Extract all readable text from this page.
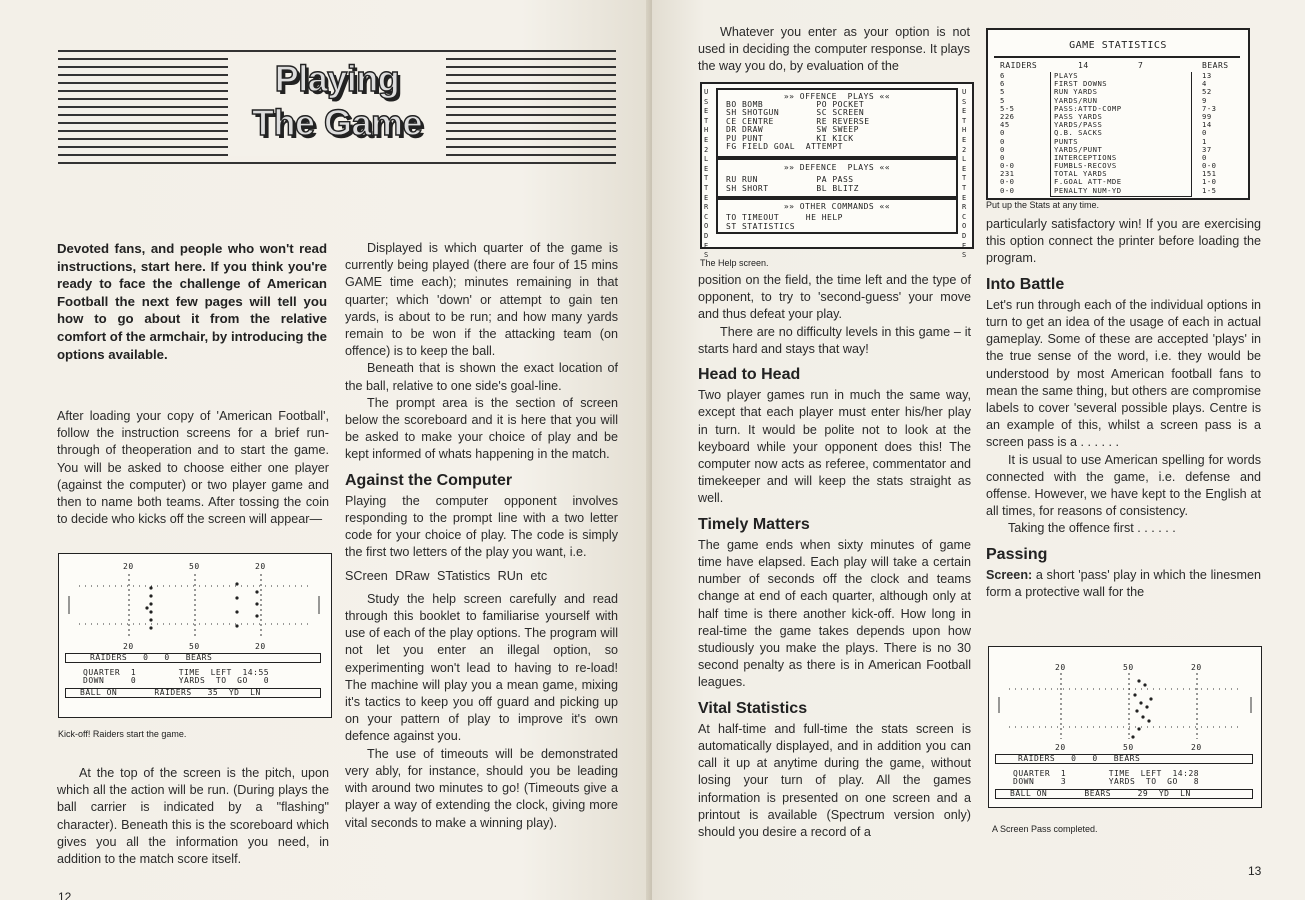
Playing
The Game
Devoted fans, and people who won't read instructions, start here. If you think you're ready to face the challenge of American Football the next few pages will tell you how to go about it from the relative comfort of the armchair, by introducing the options available.

After loading your copy of 'American Football', follow the instruction screens for a brief run-through of theoperation and to start the game. You will be asked to choose either one player (against the computer) or two player game and then to name both teams. After tossing the coin to decide who kicks off the screen will appear—

20	50	20
20	50	20
RAIDERS   0   0   BEARS
QUARTER  1        TIME  LEFT  14:55
DOWN     0        YARDS  TO  GO   0
BALL ON       RAIDERS   35  YD  LN
Kick-off! Raiders start the game.

At the top of the screen is the pitch, upon which all the action will be run. (During plays the ball carrier is indicated by a "flashing" character). Beneath this is the scoreboard which gives you all the information you need, in addition to the match score itself.

Displayed is which quarter of the game is currently being played (there are four of 15 mins GAME time each); minutes remaining in that quarter; which 'down' or attempt to gain ten yards, is about to be run; and how many yards remain to be won if the attacking team (on offence) is to keep the ball.

Beneath that is shown the exact location of the ball, relative to one side's goal-line.

The prompt area is the section of screen below the scoreboard and it is here that you will be asked to make your choice of play and be kept informed of whats happening in the match.

Against the Computer

Playing the computer opponent involves responding to the prompt line with a two letter code for your choice of play. The code is simply the first two letters of the play you want, i.e.

SCreen DRaw STatistics RUn etc

Study the help screen carefully and read through this booklet to familiarise yourself with use of each of the play options. The program will not let you enter an illegal option, so experimenting won't lead to having to re-load! The machine will play you a mean game, mixing it's tactics to keep you off guard and picking up on your pattern of play to improve it's own defence against you.

The use of timeouts will be demonstrated very ably, for instance, should you be leading with around two minutes to go! (Timeouts give a player a way of extending the clock, giving more vital seconds to make a winning play).

12

Whatever you enter as your option is not used in deciding the computer response. It plays the way you do, by evaluation of the

USE THE 2 LETTER CODES
USE THE 2 LETTER CODES
»» OFFENCE  PLAYS ««
BO BOMB          PO POCKET
SH SHOTGUN       SC SCREEN
CE CENTRE        RE REVERSE
DR DRAW          SW SWEEP
PU PUNT          KI KICK
FG FIELD GOAL  ATTEMPT
»» DEFENCE  PLAYS ««
RU RUN           PA PASS
SH SHORT         BL BLITZ
»» OTHER COMMANDS ««
TO TIMEOUT     HE HELP
ST STATISTICS
The Help screen.

position on the field, the time left and the type of opponent, to try to 'second-guess' your move and thus defeat your play.

There are no difficulty levels in this game – it starts hard and stays that way!

Head to Head

Two player games run in much the same way, except that each player must enter his/her play in turn. It would be polite not to look at the keyboard while your opponent does this! The computer now acts as referee, commentator and timekeeper and will keep the stats straight as well.

Timely Matters

The game ends when sixty minutes of game time have elapsed. Each play will take a certain number of seconds off the clock and teams change at end of each quarter, although only at half time is there another kick-off. How long in real-time the game takes depends upon how studiously you make the plays. There is no 30 second penalty as there is in American Football leagues.

Vital Statistics

At half-time and full-time the stats screen is automatically displayed, and in addition you can call it up at anytime during the game, without losing your turn of play. All the games information is presented on one screen and a printout is available (Spectrum version only) should you desire a record of a

GAME STATISTICS
RAIDERS	14	7	BEARS
6	PLAYS	13
6	FIRST DOWNS	4
5	RUN YARDS	52
5	YARDS/RUN	9
5-5	PASS:ATTD-COMP	7-3
226	PASS YARDS	99
45	YARDS/PASS	14
0	Q.B. SACKS	0
0	PUNTS	1
0	YARDS/PUNT	37
0	INTERCEPTIONS	0
0-0	FUMBLS-RECOVS	0-0
231	TOTAL YARDS	151
0-0	F.GOAL ATT-MDE	1-0
0-0	PENALTY NUM-YD	1-5
Put up the Stats at any time.

particularly satisfactory win! If you are exercising this option connect the printer before loading the program.

Into Battle

Let's run through each of the individual options in turn to get an idea of the usage of each in actual gameplay. Some of these are accepted 'plays' in the true sense of the word, i.e. they would be understood by most American football fans to mean the same thing, but others are compromise labels to cover 'several possible plays. Centre is an example of this, whilst a screen pass is a screen pass is a . . . . . .

It is usual to use American spelling for words connected with the game, i.e. defense and offense. However, we have kept to the English at all times, for reasons of consistency.

Taking the offence first . . . . . .

Passing

Screen: a short 'pass' play in which the linesmen form a protective wall for the

20	50	20
20	50	20
RAIDERS   0   0   BEARS
QUARTER  1        TIME  LEFT  14:28
DOWN     3        YARDS  TO  GO   8
BALL ON       BEARS     29  YD  LN
A Screen Pass completed.
13
